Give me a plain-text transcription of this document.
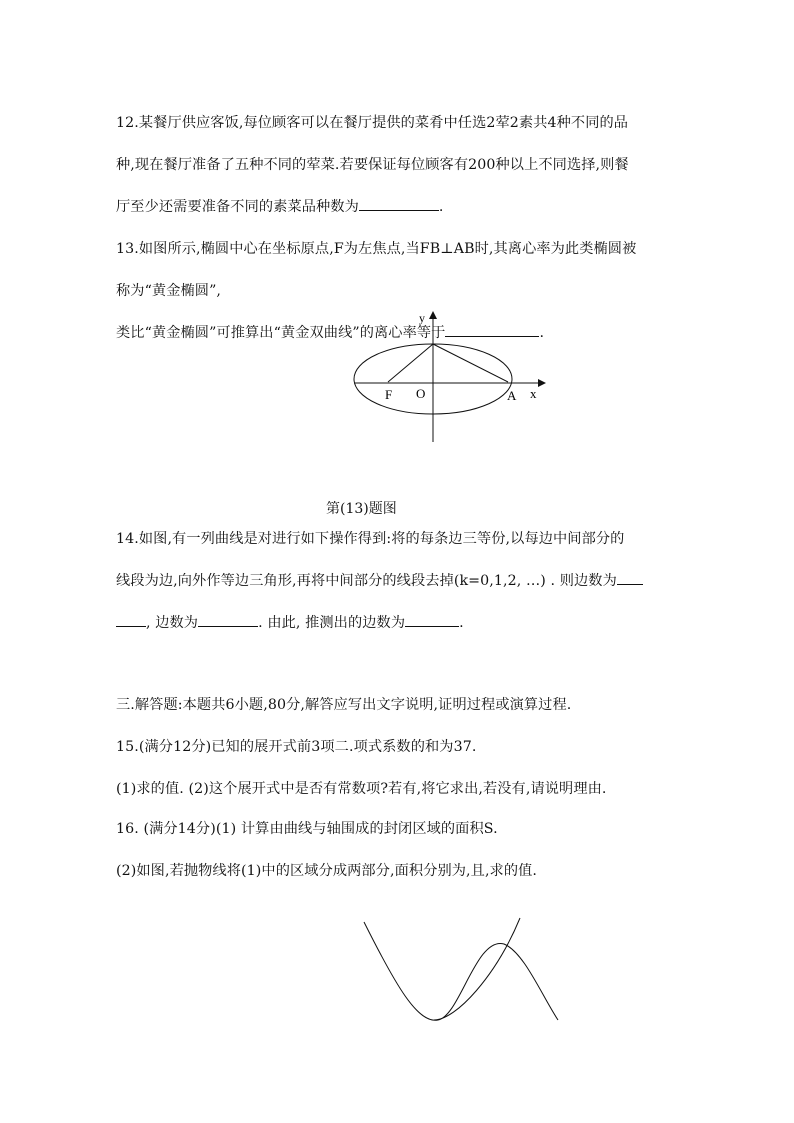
12.某餐厅供应客饭,每位顾客可以在餐厅提供的菜肴中任选2荤2素共4种不同的品
种,现在餐厅准备了五种不同的荤菜.若要保证每位顾客有200种以上不同选择,则餐
厅至少还需要准备不同的素菜品种数为	.
13.如图所示,椭圆中心在坐标原点,F为左焦点,当FB⊥AB时,其离心率为此类椭圆被
称为“黄金椭圆”,
类比“黄金椭圆”可推算出“黄金双曲线”的离心率等于	.
y
F O	A x
第(13)题图
14.如图,有一列曲线是对进行如下操作得到:将的每条边三等份,以每边中间部分的
线段为边,向外作等边三角形,再将中间部分的线段去掉(k=0,1,2, …) . 则边数为
, 边数为	. 由此, 推测出的边数为	.
三.解答题:本题共6小题,80分,解答应写出文字说明,证明过程或演算过程.
15.(满分12分)已知的展开式前3项二.项式系数的和为37.
(1)求的值. (2)这个展开式中是否有常数项?若有,将它求出,若没有,请说明理由.
16. (满分14分)(1) 计算由曲线与轴围成的封闭区域的面积S.
(2)如图,若抛物线将(1)中的区域分成两部分,面积分别为,且,求的值.
